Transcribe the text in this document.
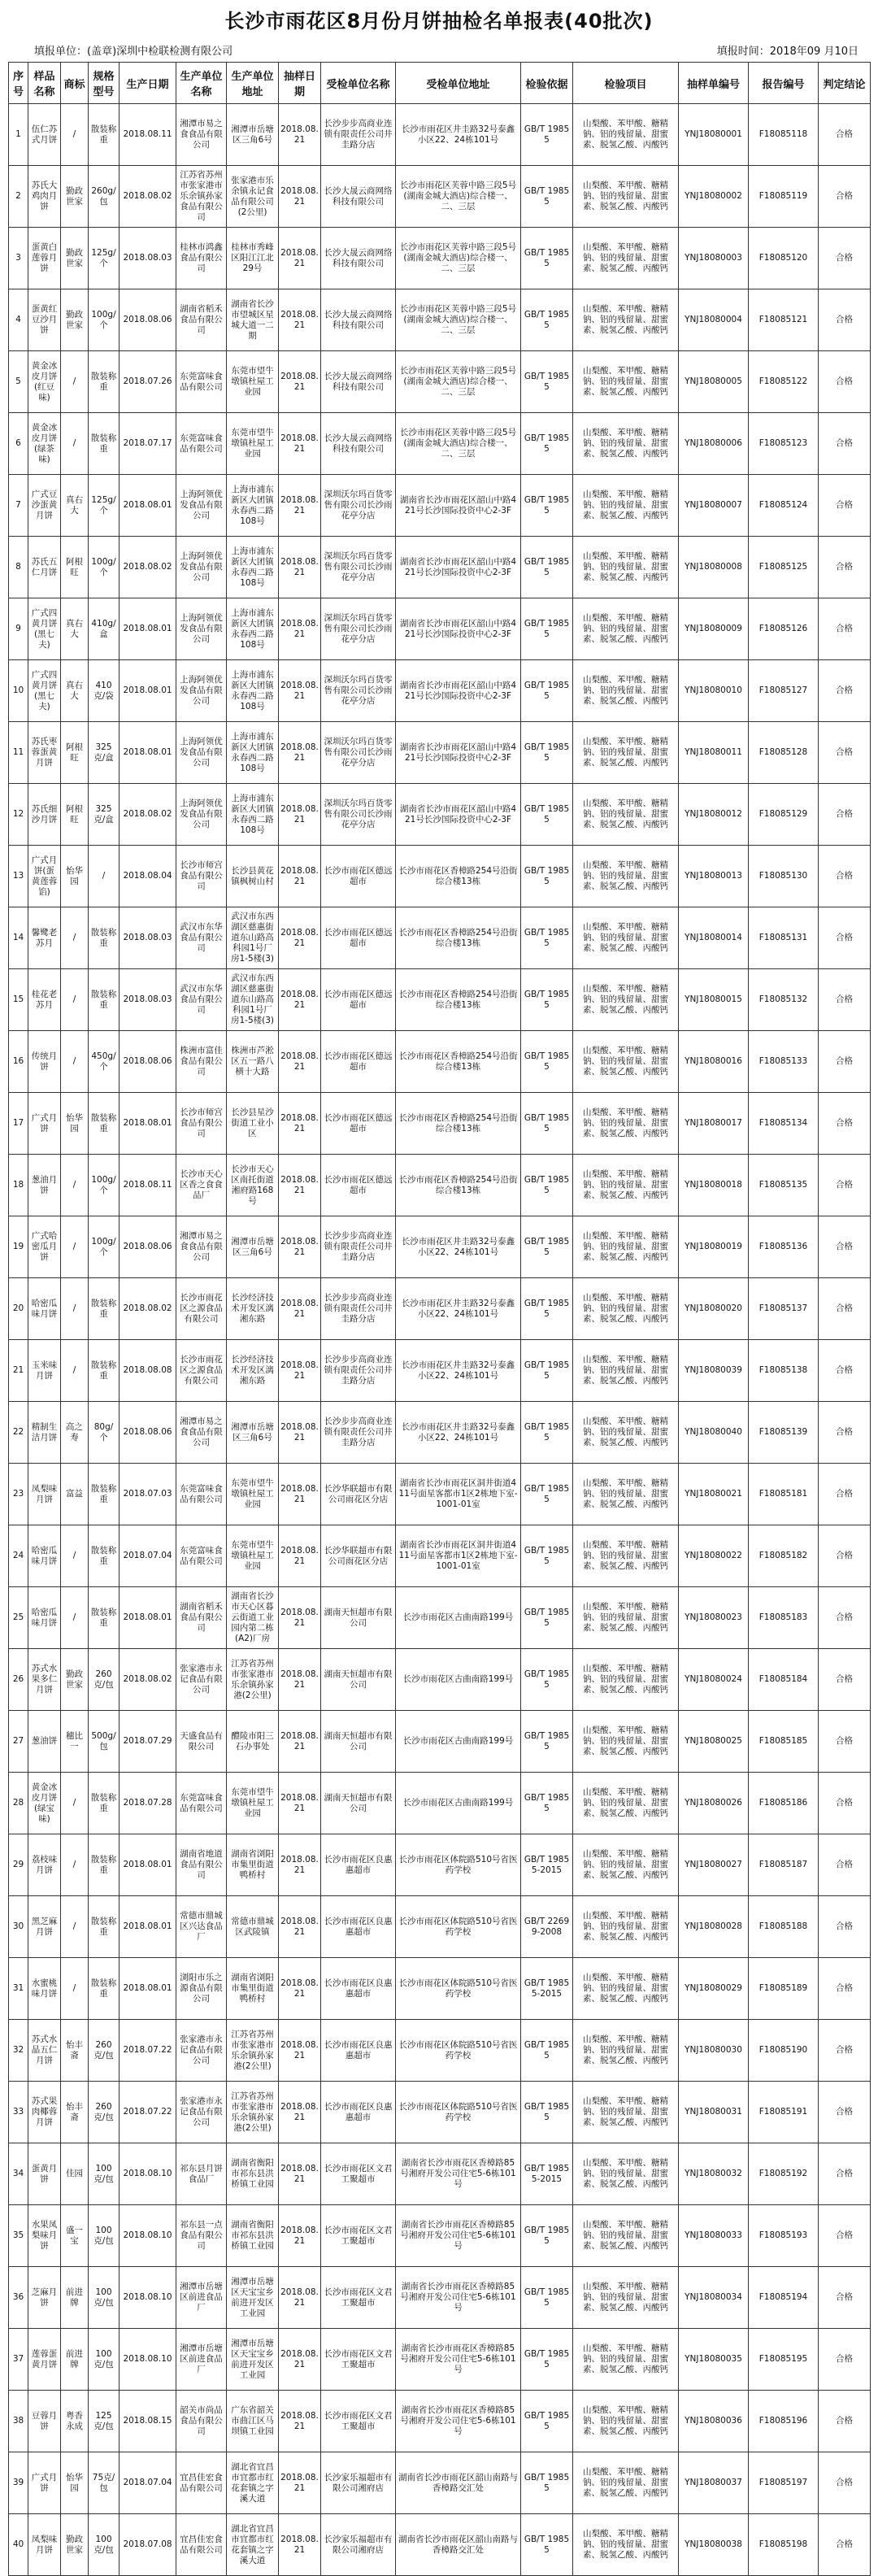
长沙市雨花区8月份月饼抽检名单报表(40批次)
填报单位：(盖章)深圳中检联检测有限公司	填报时间：2018年09 月10日
序号	样品名称	商标	规格型号	生产日期	生产单位名称	生产单位地址	抽样日期	受检单位名称	受检单位地址	检验依据	检验项目	抽样单编号	报告编号	判定结论
1	伍仁苏式月饼	/	散装称重	2018.08.11	湘潭市易之食食品有限公司	湘潭市岳塘区三角6号	2018.08.21	长沙步步高商业连锁有限责任公司井圭路分店	长沙市雨花区井圭路32号泰鑫小区22、24栋101号	GB/T 19855	山梨酸、苯甲酸、糖精钠、铝的残留量、甜蜜素、脱氢乙酸、丙酸钙	YNJ18080001	F18085118	合格
2	苏氏大鸡肉月饼	勤政世家	260g/包	2018.08.02	江苏省苏州市张家港市乐余镇孙家食品有限公司	张家港市乐余镇永记食品有限公司(2公里)	2018.08.21	长沙大晟云商网络科技有限公司	长沙市雨花区芙蓉中路三段5号(湖南金城大酒店)综合楼一、二、三层	GB/T 19855	山梨酸、苯甲酸、糖精钠、铝的残留量、甜蜜素、脱氢乙酸、丙酸钙	YNJ18080002	F18085119	合格
3	蛋黄白莲蓉月饼	勤政世家	125g/个	2018.08.03	桂林市鸿鑫食品有限公司	桂林市秀峰区阳江江北29号	2018.08.21	长沙大晟云商网络科技有限公司	长沙市雨花区芙蓉中路三段5号(湖南金城大酒店)综合楼一、二、三层	GB/T 19855	山梨酸、苯甲酸、糖精钠、铝的残留量、甜蜜素、脱氢乙酸、丙酸钙	YNJ18080003	F18085120	合格
4	蛋黄红豆沙月饼	勤政世家	100g/个	2018.08.06	湖南省稻禾食品有限公司	湖南省长沙市望城区星城大道一二期	2018.08.21	长沙大晟云商网络科技有限公司	长沙市雨花区芙蓉中路三段5号(湖南金城大酒店)综合楼一、二、三层	GB/T 19855	山梨酸、苯甲酸、糖精钠、铝的残留量、甜蜜素、脱氢乙酸、丙酸钙	YNJ18080004	F18085121	合格
5	黄金冰皮月饼(红豆味)	/	散装称重	2018.07.26	东莞富味食品有限公司	东莞市望牛墩镇杜屋工业园	2018.08.21	长沙大晟云商网络科技有限公司	长沙市雨花区芙蓉中路三段5号(湖南金城大酒店)综合楼一、二、三层	GB/T 19855	山梨酸、苯甲酸、糖精钠、铝的残留量、甜蜜素、脱氢乙酸、丙酸钙	YNJ18080005	F18085122	合格
6	黄金冰皮月饼(绿茶味)	/	散装称重	2018.07.17	东莞富味食品有限公司	东莞市望牛墩镇杜屋工业园	2018.08.21	长沙大晟云商网络科技有限公司	长沙市雨花区芙蓉中路三段5号(湖南金城大酒店)综合楼一、二、三层	GB/T 19855	山梨酸、苯甲酸、糖精钠、铝的残留量、甜蜜素、脱氢乙酸、丙酸钙	YNJ18080006	F18085123	合格
7	广式豆沙蛋黄月饼	真右大	125g/个	2018.08.01	上海阿领优发食品有限公司	上海市浦东新区大团镇永春西二路108号	2018.08.21	深圳沃尔玛百货零售有限公司长沙雨花亭分店	湖南省长沙市雨花区韶山中路421号长沙国际投资中心2-3F	GB/T 19855	山梨酸、苯甲酸、糖精钠、铝的残留量、甜蜜素、脱氢乙酸、丙酸钙	YNJ18080007	F18085124	合格
8	苏氏五仁月饼	阿根旺	100g/个	2018.08.02	上海阿领优发食品有限公司	上海市浦东新区大团镇永春西二路108号	2018.08.21	深圳沃尔玛百货零售有限公司长沙雨花亭分店	湖南省长沙市雨花区韶山中路421号长沙国际投资中心2-3F	GB/T 19855	山梨酸、苯甲酸、糖精钠、铝的残留量、甜蜜素、脱氢乙酸、丙酸钙	YNJ18080008	F18085125	合格
9	广式四黄月饼(黑七夫)	真右大	410g/盒	2018.08.01	上海阿领优发食品有限公司	上海市浦东新区大团镇永春西二路108号	2018.08.21	深圳沃尔玛百货零售有限公司长沙雨花亭分店	湖南省长沙市雨花区韶山中路421号长沙国际投资中心2-3F	GB/T 19855	山梨酸、苯甲酸、糖精钠、铝的残留量、甜蜜素、脱氢乙酸、丙酸钙	YNJ18080009	F18085126	合格
10	广式四黄月饼(黑七夫)	真右大	410克/袋	2018.08.01	上海阿领优发食品有限公司	上海市浦东新区大团镇永春西二路108号	2018.08.21	深圳沃尔玛百货零售有限公司长沙雨花亭分店	湖南省长沙市雨花区韶山中路421号长沙国际投资中心2-3F	GB/T 19855	山梨酸、苯甲酸、糖精钠、铝的残留量、甜蜜素、脱氢乙酸、丙酸钙	YNJ18080010	F18085127	合格
11	苏氏枣蓉蛋黄月饼	阿根旺	325克/盒	2018.08.01	上海阿领优发食品有限公司	上海市浦东新区大团镇永春西二路108号	2018.08.21	深圳沃尔玛百货零售有限公司长沙雨花亭分店	湖南省长沙市雨花区韶山中路421号长沙国际投资中心2-3F	GB/T 19855	山梨酸、苯甲酸、糖精钠、铝的残留量、甜蜜素、脱氢乙酸、丙酸钙	YNJ18080011	F18085128	合格
12	苏氏细沙月饼	阿根旺	325克/盒	2018.08.02	上海阿领优发食品有限公司	上海市浦东新区大团镇永春西二路108号	2018.08.21	深圳沃尔玛百货零售有限公司长沙雨花亭分店	湖南省长沙市雨花区韶山中路421号长沙国际投资中心2-3F	GB/T 19855	山梨酸、苯甲酸、糖精钠、铝的残留量、甜蜜素、脱氢乙酸、丙酸钙	YNJ18080012	F18085129	合格
13	广式月饼(蛋黄莲蓉馅)	怡华园	/	2018.08.04	长沙市师宫食品有限公司	长沙县黄花镇枫树山村	2018.08.21	长沙市雨花区德远超市	长沙市雨花区香樟路254号沿街综合楼13栋	GB/T 19855	山梨酸、苯甲酸、糖精钠、铝的残留量、甜蜜素、脱氢乙酸、丙酸钙	YNJ18080013	F18085130	合格
14	馨鹭老苏月	/	散装称重	2018.08.03	武汉市东华食品有限公司	武汉市东西湖区慈惠街道东山路高科园1号厂房1-5楼(3)	2018.08.21	长沙市雨花区德远超市	长沙市雨花区香樟路254号沿街综合楼13栋	GB/T 19855	山梨酸、苯甲酸、糖精钠、铝的残留量、甜蜜素、脱氢乙酸、丙酸钙	YNJ18080014	F18085131	合格
15	桂花老苏月	/	散装称重	2018.08.03	武汉市东华食品有限公司	武汉市东西湖区慈惠街道东山路高科园1号厂房1-5楼(3)	2018.08.21	长沙市雨花区德远超市	长沙市雨花区香樟路254号沿街综合楼13栋	GB/T 19855	山梨酸、苯甲酸、糖精钠、铝的残留量、甜蜜素、脱氢乙酸、丙酸钙	YNJ18080015	F18085132	合格
16	传统月饼	/	450g/个	2018.08.06	株洲市富佳食品有限公司	株洲市芦淞区五一路八横十大路	2018.08.21	长沙市雨花区德远超市	长沙市雨花区香樟路254号沿街综合楼13栋	GB/T 19855	山梨酸、苯甲酸、糖精钠、铝的残留量、甜蜜素、脱氢乙酸、丙酸钙	YNJ18080016	F18085133	合格
17	广式月饼	怡华园	散装称重	2018.08.01	长沙市师宫食品有限公司	长沙县星沙街道工业小区	2018.08.21	长沙市雨花区德远超市	长沙市雨花区香樟路254号沿街综合楼13栋	GB/T 19855	山梨酸、苯甲酸、糖精钠、铝的残留量、甜蜜素、脱氢乙酸、丙酸钙	YNJ18080017	F18085134	合格
18	葱油月饼	/	100g/个	2018.08.11	长沙市天心区香之食食品厂	长沙市天心区南托街道湘府路168号	2018.08.21	长沙市雨花区德远超市	长沙市雨花区香樟路254号沿街综合楼13栋	GB/T 19855	山梨酸、苯甲酸、糖精钠、铝的残留量、甜蜜素、脱氢乙酸、丙酸钙	YNJ18080018	F18085135	合格
19	广式哈密瓜月饼	/	100g/个	2018.08.06	湘潭市易之食食品有限公司	湘潭市岳塘区三角6号	2018.08.21	长沙步步高商业连锁有限责任公司井圭路分店	长沙市雨花区井圭路32号泰鑫小区22、24栋101号	GB/T 19855	山梨酸、苯甲酸、糖精钠、铝的残留量、甜蜜素、脱氢乙酸、丙酸钙	YNJ18080019	F18085136	合格
20	哈密瓜味月饼	/	散装称重	2018.08.02	长沙市雨花区之源食品有限公司	长沙经济技术开发区漓湘东路	2018.08.21	长沙步步高商业连锁有限责任公司井圭路分店	长沙市雨花区井圭路32号泰鑫小区22、24栋101号	GB/T 19855	山梨酸、苯甲酸、糖精钠、铝的残留量、甜蜜素、脱氢乙酸、丙酸钙	YNJ18080020	F18085137	合格
21	玉米味月饼	/	散装称重	2018.08.08	长沙市雨花区之源食品有限公司	长沙经济技术开发区漓湘东路	2018.08.21	长沙步步高商业连锁有限责任公司井圭路分店	长沙市雨花区井圭路32号泰鑫小区22、24栋101号	GB/T 19855	山梨酸、苯甲酸、糖精钠、铝的残留量、甜蜜素、脱氢乙酸、丙酸钙	YNJ18080039	F18085138	合格
22	精制生洁月饼	高之寿	80g/个	2018.08.06	湘潭市易之食食品有限公司	湘潭市岳塘区三角6号	2018.08.21	长沙步步高商业连锁有限责任公司井圭路分店	长沙市雨花区井圭路32号泰鑫小区22、24栋101号	GB/T 19855	山梨酸、苯甲酸、糖精钠、铝的残留量、甜蜜素、脱氢乙酸、丙酸钙	YNJ18080040	F18085139	合格
23	凤梨味月饼	富益	散装称重	2018.07.03	东莞富味食品有限公司	东莞市望牛墩镇杜屋工业园	2018.08.21	长沙华联超市有限公司雨花区分店	湖南省长沙市雨花区洞井街道411号面星客都市1区2栋地下室-1001-01室	GB/T 19855	山梨酸、苯甲酸、糖精钠、铝的残留量、甜蜜素、脱氢乙酸、丙酸钙	YNJ18080021	F18085181	合格
24	哈密瓜味月饼	/	散装称重	2018.07.04	东莞富味食品有限公司	东莞市望牛墩镇杜屋工业园	2018.08.21	长沙华联超市有限公司雨花区分店	湖南省长沙市雨花区洞井街道411号面星客都市1区2栋地下室-1001-01室	GB/T 19855	山梨酸、苯甲酸、糖精钠、铝的残留量、甜蜜素、脱氢乙酸、丙酸钙	YNJ18080022	F18085182	合格
25	哈密瓜味月饼	/	散装称重	2018.08.01	湖南省稻禾食品有限公司	湖南省长沙市天心区暮云街道工业园内第二栋(A2)厂房	2018.08.21	湖南天恒超市有限公司	长沙市雨花区古曲南路199号	GB/T 19855	山梨酸、苯甲酸、糖精钠、铝的残留量、甜蜜素、脱氢乙酸、丙酸钙	YNJ18080023	F18085183	合格
26	苏式水果多仁月饼	勤政世家	260克/包	2018.08.02	张家港市永记食品有限公司	江苏省苏州市张家港市乐余镇孙家港(2公里)	2018.08.21	湖南天恒超市有限公司	长沙市雨花区古曲南路199号	GB/T 19855	山梨酸、苯甲酸、糖精钠、铝的残留量、甜蜜素、脱氢乙酸、丙酸钙	YNJ18080024	F18085184	合格
27	葱油饼	穗比一	500g/包	2018.07.29	天盛食品有限公司	醴陵市阳三石办事处	2018.08.21	湖南天恒超市有限公司	长沙市雨花区古曲南路199号	GB/T 19855	山梨酸、苯甲酸、糖精钠、铝的残留量、甜蜜素、脱氢乙酸、丙酸钙	YNJ18080025	F18085185	合格
28	黄金冰皮月饼(绿宝味)	/	散装称重	2018.07.28	东莞富味食品有限公司	东莞市望牛墩镇杜屋工业园	2018.08.21	湖南天恒超市有限公司	长沙市雨花区古曲南路199号	GB/T 19855	山梨酸、苯甲酸、糖精钠、铝的残留量、甜蜜素、脱氢乙酸、丙酸钙	YNJ18080026	F18085186	合格
29	荔枝味月饼	/	散装称重	2018.08.01	湖南省地道食品有限公司	湖南省浏阳市集里街道鸭桥村	2018.08.21	长沙市雨花区良惠惠超市	长沙市雨花区体院路510号省医药学校	GB/T 19855-2015	山梨酸、苯甲酸、糖精钠、铝的残留量、甜蜜素、脱氢乙酸、丙酸钙	YNJ18080027	F18085187	合格
30	黑芝麻月饼	/	散装称重	2018.08.01	常德市鼎城区兴达食品厂	常德市鼎城区武陵镇	2018.08.21	长沙市雨花区良惠惠超市	长沙市雨花区体院路510号省医药学校	GB/T 22699-2008	山梨酸、苯甲酸、糖精钠、铝的残留量、甜蜜素、脱氢乙酸、丙酸钙	YNJ18080028	F18085188	合格
31	水蜜桃味月饼	/	散装称重	2018.08.01	浏阳市乐之源食品有限公司	湖南省浏阳市集里街道鸭桥村	2018.08.21	长沙市雨花区良惠惠超市	长沙市雨花区体院路510号省医药学校	GB/T 19855-2015	山梨酸、苯甲酸、糖精钠、铝的残留量、甜蜜素、脱氢乙酸、丙酸钙	YNJ18080029	F18085189	合格
32	苏式水晶五仁月饼	怡丰斋	260克/包	2018.07.22	张家港市永记食品有限公司	江苏省苏州市张家港市乐余镇孙家港(2公里)	2018.08.21	长沙市雨花区良惠惠超市	长沙市雨花区体院路510号省医药学校	GB/T 19855	山梨酸、苯甲酸、糖精钠、铝的残留量、甜蜜素、脱氢乙酸、丙酸钙	YNJ18080030	F18085190	合格
33	苏式果肉椰蓉月饼	怡丰斋	260克/包	2018.07.22	张家港市永记食品有限公司	江苏省苏州市张家港市乐余镇孙家港(2公里)	2018.08.21	长沙市雨花区良惠惠超市	长沙市雨花区体院路510号省医药学校	GB/T 19855	山梨酸、苯甲酸、糖精钠、铝的残留量、甜蜜素、脱氢乙酸、丙酸钙	YNJ18080031	F18085191	合格
34	蛋黄月饼	佳园	100克/包	2018.08.10	祁东县月饼食品厂	湖南省衡阳市祁东县洪桥镇工业园	2018.08.21	长沙市雨花区文君工聚超市	湖南省长沙市雨花区香樟路85号湘府开发公司住宅5-6栋101号	GB/T 19855-2015	山梨酸、苯甲酸、糖精钠、铝的残留量、甜蜜素、脱氢乙酸、丙酸钙	YNJ18080032	F18085192	合格
35	水果凤梨味月饼	盛一宝	100克/包	2018.08.10	祁东县一点食品有限公司	湖南省衡阳市祁东县洪桥镇工业园	2018.08.21	长沙市雨花区文君工聚超市	湖南省长沙市雨花区香樟路85号湘府开发公司住宅5-6栋101号	GB/T 19855	山梨酸、苯甲酸、糖精钠、铝的残留量、甜蜜素、脱氢乙酸、丙酸钙	YNJ18080033	F18085193	合格
36	芝麻月饼	前进牌	100克/包	2018.08.10	湘潭市岳塘区前进食品厂	湘潭市岳塘区天宝宝乡前进开发区工业园	2018.08.21	长沙市雨花区文君工聚超市	湖南省长沙市雨花区香樟路85号湘府开发公司住宅5-6栋101号	GB/T 19855	山梨酸、苯甲酸、糖精钠、铝的残留量、甜蜜素、脱氢乙酸、丙酸钙	YNJ18080034	F18085194	合格
37	莲蓉蛋黄月饼	前进牌	100克/包	2018.08.10	湘潭市岳塘区前进食品厂	湘潭市岳塘区天宝宝乡前进开发区工业园	2018.08.21	长沙市雨花区文君工聚超市	湖南省长沙市雨花区香樟路85号湘府开发公司住宅5-6栋101号	GB/T 19855	山梨酸、苯甲酸、糖精钠、铝的残留量、甜蜜素、脱氢乙酸、丙酸钙	YNJ18080035	F18085195	合格
38	豆蓉月饼	粤香永成	125克/包	2018.08.15	韶关市尚品食品有限公司	广东省韶关市曲江区马坝镇工业园	2018.08.21	长沙市雨花区文君工聚超市	湖南省长沙市雨花区香樟路85号湘府开发公司住宅5-6栋101号	GB/T 19855	山梨酸、苯甲酸、糖精钠、铝的残留量、甜蜜素、脱氢乙酸、丙酸钙	YNJ18080036	F18085196	合格
39	广式月饼	怡华园	75克/包	2018.07.04	宜昌佳宏食品有限公司	湖北省宜昌市宜都市红花套镇之字溪大道	2018.08.21	长沙家乐福超市有限公司湘府店	湖南省长沙市雨花区韶山南路与香樟路交汇处	GB/T 19855	山梨酸、苯甲酸、糖精钠、铝的残留量、甜蜜素、脱氢乙酸、丙酸钙	YNJ18080037	F18085197	合格
40	凤梨味月饼	勤政世家	100克/包	2018.07.08	宜昌佳宏食品有限公司	湖北省宜昌市宜都市红花套镇之字溪大道	2018.08.21	长沙家乐福超市有限公司湘府店	湖南省长沙市雨花区韶山南路与香樟路交汇处	GB/T 19855	山梨酸、苯甲酸、糖精钠、铝的残留量、甜蜜素、脱氢乙酸、丙酸钙	YNJ18080038	F18085198	合格
